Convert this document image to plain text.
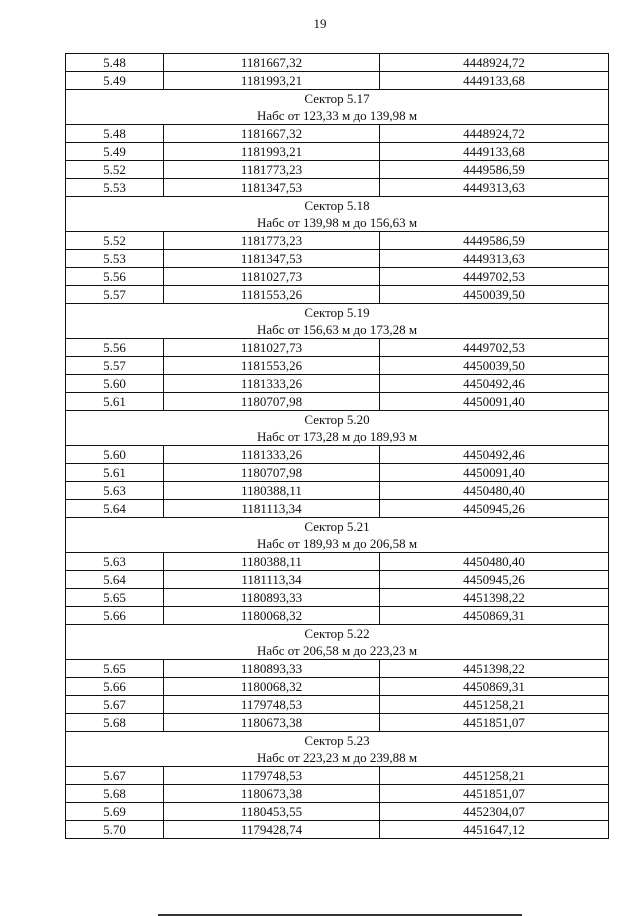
19
5.48	1181667,32	4448924,72
5.49	1181993,21	4449133,68

Сектор 5.17
Набс от 123,33 м до 139,98 м		

5.48	1181667,32	4448924,72
5.49	1181993,21	4449133,68
5.52	1181773,23	4449586,59
5.53	1181347,53	4449313,63

Сектор 5.18
Набс от 139,98 м до 156,63 м		

5.52	1181773,23	4449586,59
5.53	1181347,53	4449313,63
5.56	1181027,73	4449702,53
5.57	1181553,26	4450039,50

Сектор 5.19
Набс от 156,63 м до 173,28 м		

5.56	1181027,73	4449702,53
5.57	1181553,26	4450039,50
5.60	1181333,26	4450492,46
5.61	1180707,98	4450091,40

Сектор 5.20
Набс от 173,28 м до 189,93 м		

5.60	1181333,26	4450492,46
5.61	1180707,98	4450091,40
5.63	1180388,11	4450480,40
5.64	1181113,34	4450945,26

Сектор 5.21
Набс от 189,93 м до 206,58 м		

5.63	1180388,11	4450480,40
5.64	1181113,34	4450945,26
5.65	1180893,33	4451398,22
5.66	1180068,32	4450869,31

Сектор 5.22
Набс от 206,58 м до 223,23 м		

5.65	1180893,33	4451398,22
5.66	1180068,32	4450869,31
5.67	1179748,53	4451258,21
5.68	1180673,38	4451851,07

Сектор 5.23
Набс от 223,23 м до 239,88 м		

5.67	1179748,53	4451258,21
5.68	1180673,38	4451851,07
5.69	1180453,55	4452304,07
5.70	1179428,74	4451647,12
